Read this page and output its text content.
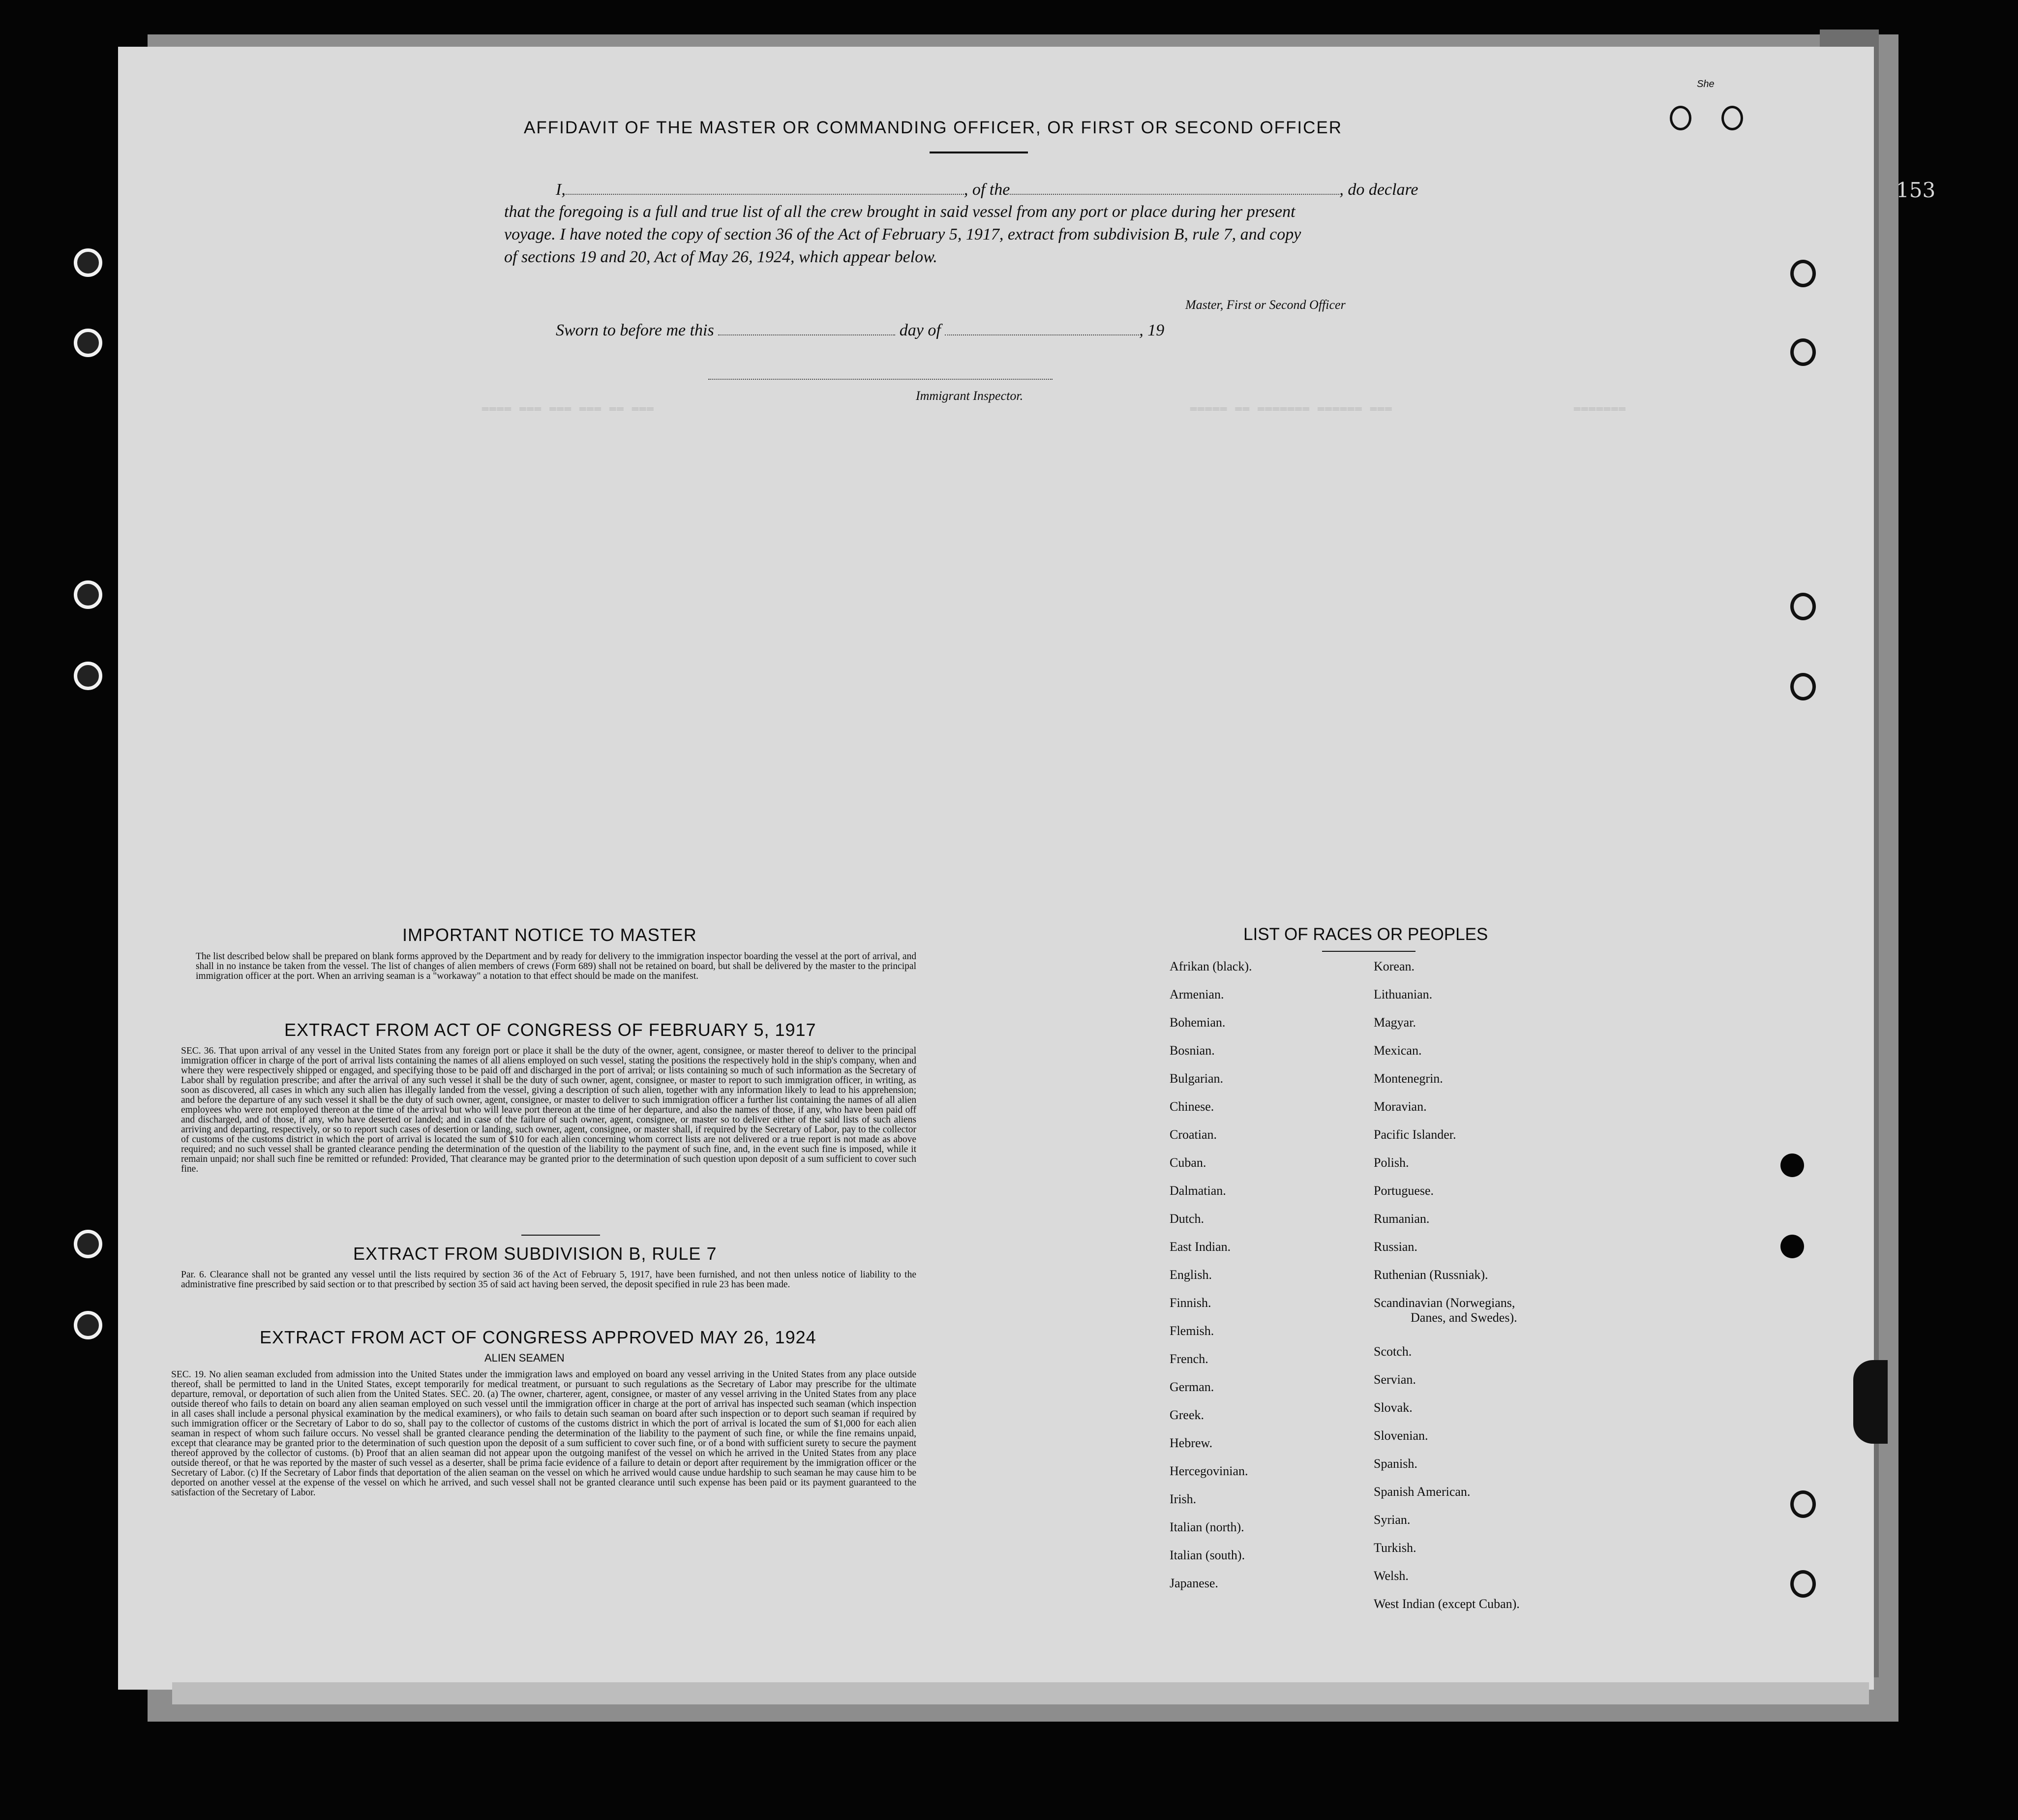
153
She
════ ═══ ═══ ═══ ══ ═══	═════ ══ ═══════ ══════ ═══	═══════
AFFIDAVIT OF THE MASTER OR COMMANDING OFFICER, OR FIRST OR SECOND OFFICER
I,	, of the	, do declare
that the foregoing is a full and true list of all the crew brought in said vessel from any port or place during her present
voyage. I have noted the copy of section 36 of the Act of February 5, 1917, extract from subdivision B, rule 7, and copy
of sections 19 and 20, Act of May 26, 1924, which appear below.
Master, First or Second Officer
Sworn to before me this	day of	, 19
Immigrant Inspector.
IMPORTANT NOTICE TO MASTER
The list described below shall be prepared on blank forms approved by the Department and by ready for delivery to the immigration inspector boarding the vessel at the port of arrival, and shall in no instance be taken from the vessel. The list of changes of alien members of crews (Form 689) shall not be retained on board, but shall be delivered by the master to the principal immigration officer at the port. When an arriving seaman is a "workaway" a notation to that effect should be made on the manifest.
EXTRACT FROM ACT OF CONGRESS OF FEBRUARY 5, 1917
SEC. 36. That upon arrival of any vessel in the United States from any foreign port or place it shall be the duty of the owner, agent, consignee, or master thereof to deliver to the principal immigration officer in charge of the port of arrival lists containing the names of all aliens employed on such vessel, stating the positions the respectively hold in the ship's company, when and where they were respectively shipped or engaged, and specifying those to be paid off and discharged in the port of arrival; or lists containing so much of such information as the Secretary of Labor shall by regulation prescribe; and after the arrival of any such vessel it shall be the duty of such owner, agent, consignee, or master to report to such immigration officer, in writing, as soon as discovered, all cases in which any such alien has illegally landed from the vessel, giving a description of such alien, together with any information likely to lead to his apprehension; and before the departure of any such vessel it shall be the duty of such owner, agent, consignee, or master to deliver to such immigration officer a further list containing the names of all alien employees who were not employed thereon at the time of the arrival but who will leave port thereon at the time of her departure, and also the names of those, if any, who have been paid off and discharged, and of those, if any, who have deserted or landed; and in case of the failure of such owner, agent, consignee, or master so to deliver either of the said lists of such aliens arriving and departing, respectively, or so to report such cases of desertion or landing, such owner, agent, consignee, or master shall, if required by the Secretary of Labor, pay to the collector of customs of the customs district in which the port of arrival is located the sum of $10 for each alien concerning whom correct lists are not delivered or a true report is not made as above required; and no such vessel shall be granted clearance pending the determination of the question of the liability to the payment of such fine, and, in the event such fine is imposed, while it remain unpaid; nor shall such fine be remitted or refunded: Provided, That clearance may be granted prior to the determination of such question upon deposit of a sum sufficient to cover such fine.
EXTRACT FROM SUBDIVISION B, RULE 7
Par. 6. Clearance shall not be granted any vessel until the lists required by section 36 of the Act of February 5, 1917, have been furnished, and not then unless notice of liability to the administrative fine prescribed by said section or to that prescribed by section 35 of said act having been served, the deposit specified in rule 23 has been made.
EXTRACT FROM ACT OF CONGRESS APPROVED MAY 26, 1924
ALIEN SEAMEN
SEC. 19. No alien seaman excluded from admission into the United States under the immigration laws and employed on board any vessel arriving in the United States from any place outside thereof, shall be permitted to land in the United States, except temporarily for medical treatment, or pursuant to such regulations as the Secretary of Labor may prescribe for the ultimate departure, removal, or deportation of such alien from the United States. SEC. 20. (a) The owner, charterer, agent, consignee, or master of any vessel arriving in the United States from any place outside thereof who fails to detain on board any alien seaman employed on such vessel until the immigration officer in charge at the port of arrival has inspected such seaman (which inspection in all cases shall include a personal physical examination by the medical examiners), or who fails to detain such seaman on board after such inspection or to deport such seaman if required by such immigration officer or the Secretary of Labor to do so, shall pay to the collector of customs of the customs district in which the port of arrival is located the sum of $1,000 for each alien seaman in respect of whom such failure occurs. No vessel shall be granted clearance pending the determination of the liability to the payment of such fine, or while the fine remains unpaid, except that clearance may be granted prior to the determination of such question upon the deposit of a sum sufficient to cover such fine, or of a bond with sufficient surety to secure the payment thereof approved by the collector of customs. (b) Proof that an alien seaman did not appear upon the outgoing manifest of the vessel on which he arrived in the United States from any place outside thereof, or that he was reported by the master of such vessel as a deserter, shall be prima facie evidence of a failure to detain or deport after requirement by the immigration officer or the Secretary of Labor. (c) If the Secretary of Labor finds that deportation of the alien seaman on the vessel on which he arrived would cause undue hardship to such seaman he may cause him to be deported on another vessel at the expense of the vessel on which he arrived, and such vessel shall not be granted clearance until such expense has been paid or its payment guaranteed to the satisfaction of the Secretary of Labor.
LIST OF RACES OR PEOPLES
Afrikan (black).
Armenian.
Bohemian.
Bosnian.
Bulgarian.
Chinese.
Croatian.
Cuban.
Dalmatian.
Dutch.
East Indian.
English.
Finnish.
Flemish.
French.
German.
Greek.
Hebrew.
Hercegovinian.
Irish.
Italian (north).
Italian (south).
Japanese.
Korean.
Lithuanian.
Magyar.
Mexican.
Montenegrin.
Moravian.
Pacific Islander.
Polish.
Portuguese.
Rumanian.
Russian.
Ruthenian (Russniak).
Scandinavian (Norwegians,
Danes, and Swedes).
Scotch.
Servian.
Slovak.
Slovenian.
Spanish.
Spanish American.
Syrian.
Turkish.
Welsh.
West Indian (except Cuban).
